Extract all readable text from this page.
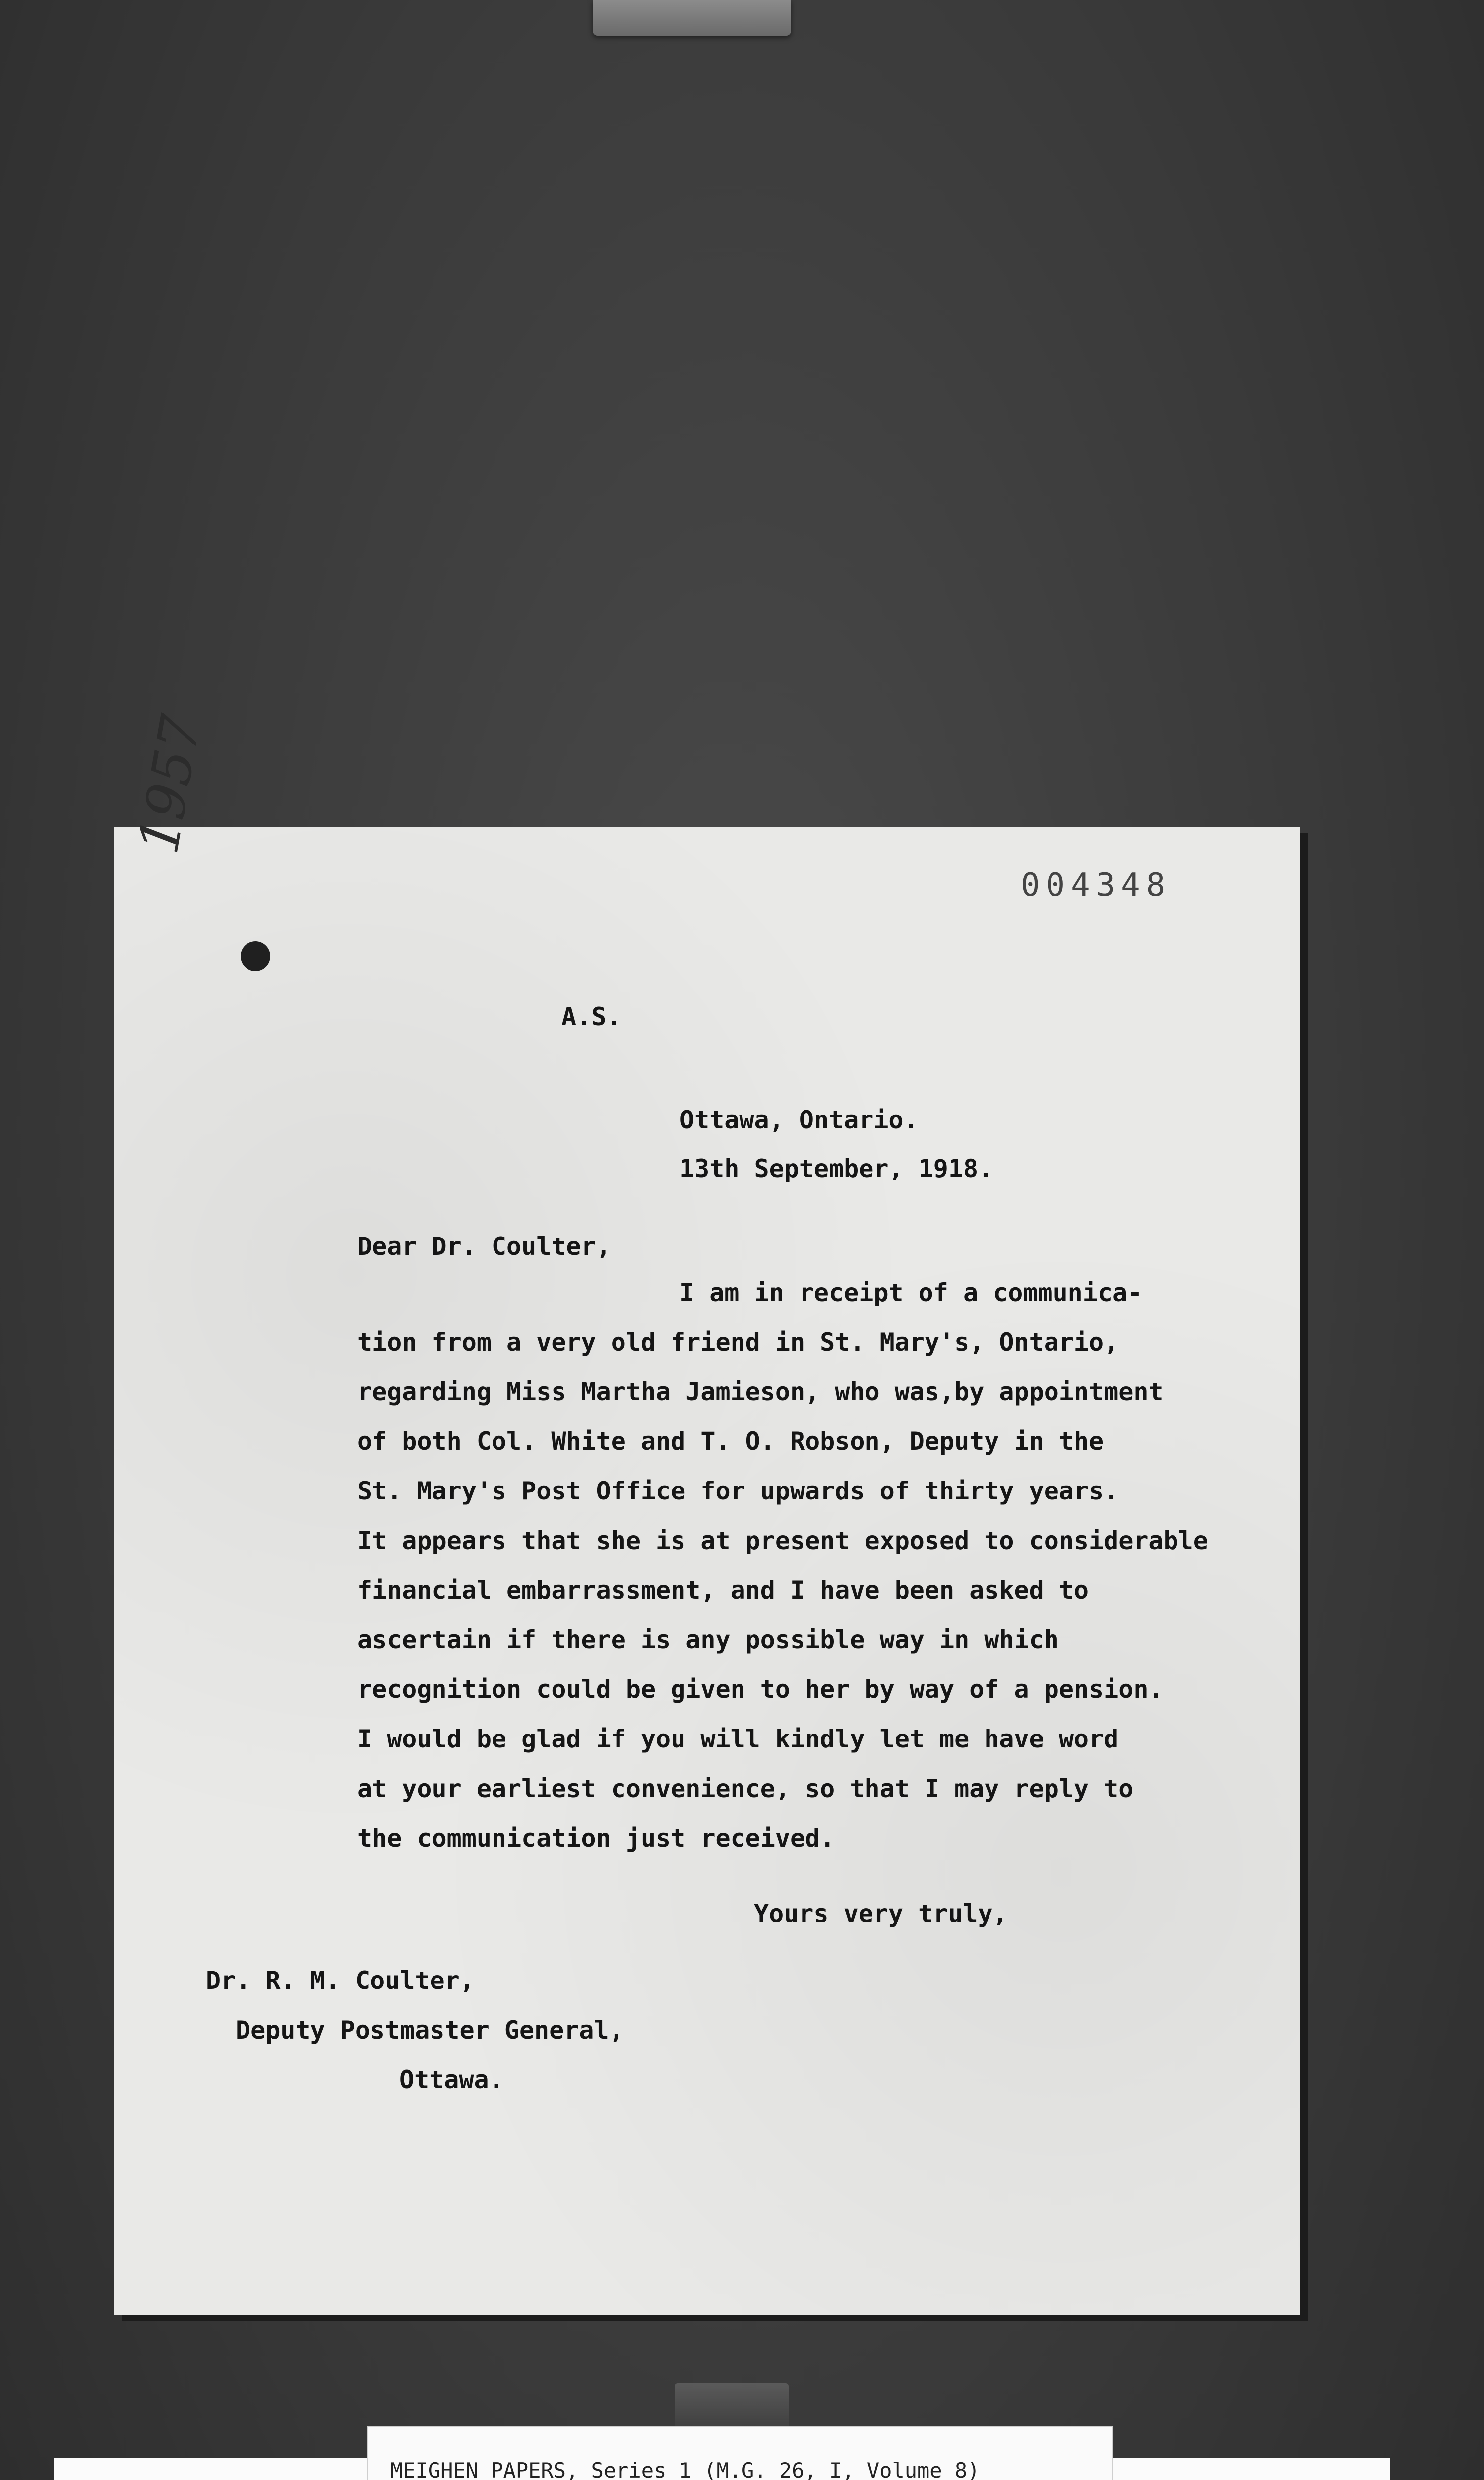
1957
004348
A.S.
Ottawa, Ontario.
13th September, 1918.
Dear Dr. Coulter,
I am in receipt of a communica-
tion from a very old friend in St. Mary's, Ontario,
regarding Miss Martha Jamieson, who was,by appointment
of both Col. White and T. O. Robson, Deputy in the
St. Mary's Post Office for upwards of thirty years.
It appears that she is at present exposed to considerable
financial embarrassment, and I have been asked to
ascertain if there is any possible way in which
recognition could be given to her by way of a pension.
I would be glad if you will kindly let me have word
at your earliest convenience, so that I may reply to
the communication just received.
Yours very truly,
Dr. R. M. Coulter,
Deputy Postmaster General,
Ottawa.
MEIGHEN PAPERS, Series 1 (M.G. 26, I, Volume 8)
